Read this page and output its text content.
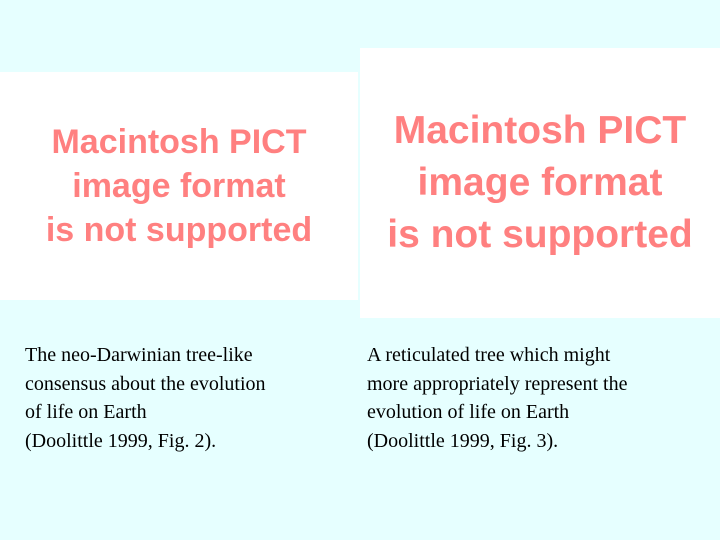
Macintosh PICT
image format
is not supported
Macintosh PICT
image format
is not supported
The neo-Darwinian tree-like
consensus about the evolution
of life on Earth
(Doolittle 1999, Fig. 2).
A reticulated tree which might
more appropriately represent the
evolution of life on Earth
(Doolittle 1999, Fig. 3).
